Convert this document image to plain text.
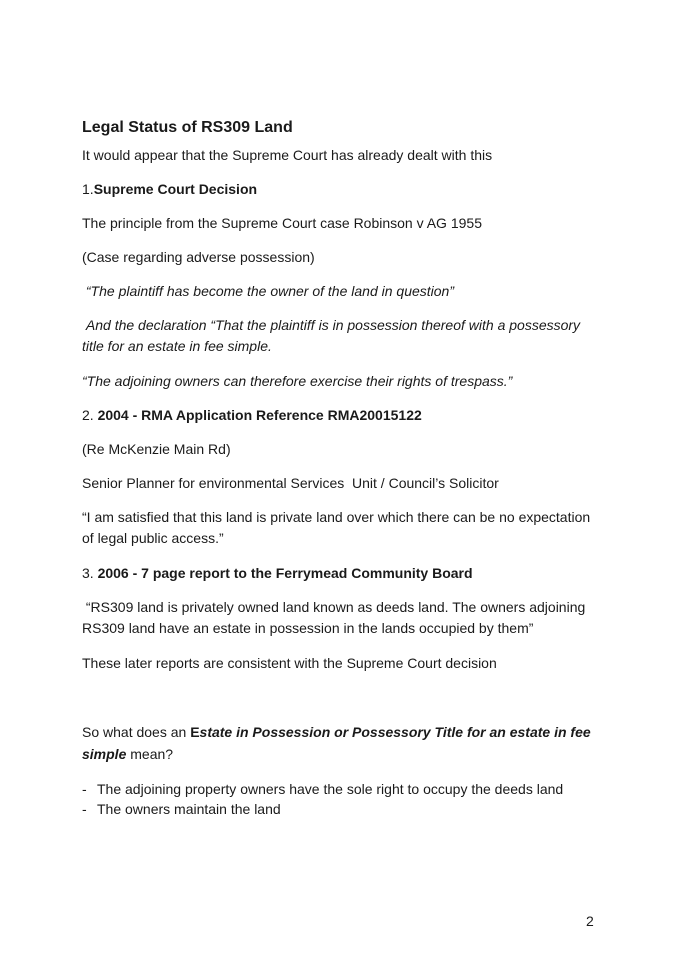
Legal Status of RS309 Land

It would appear that the Supreme Court has already dealt with this

1.Supreme Court Decision

The principle from the Supreme Court case Robinson v AG 1955

(Case regarding adverse possession)

“The plaintiff has become the owner of the land in question”

And the declaration “That the plaintiff is in possession thereof with a possessory title for an estate in fee simple.

“The adjoining owners can therefore exercise their rights of trespass.”

2. 2004 - RMA Application Reference RMA20015122

(Re McKenzie Main Rd)

Senior Planner for environmental Services  Unit / Council’s Solicitor

“I am satisfied that this land is private land over which there can be no expectation of legal public access.”

3. 2006 - 7 page report to the Ferrymead Community Board

“RS309 land is privately owned land known as deeds land. The owners adjoining RS309 land have an estate in possession in the lands occupied by them”

These later reports are consistent with the Supreme Court decision

So what does an Estate in Possession or Possessory Title for an estate in fee simple mean?

- The adjoining property owners have the sole right to occupy the deeds land
- The owners maintain the land
2
